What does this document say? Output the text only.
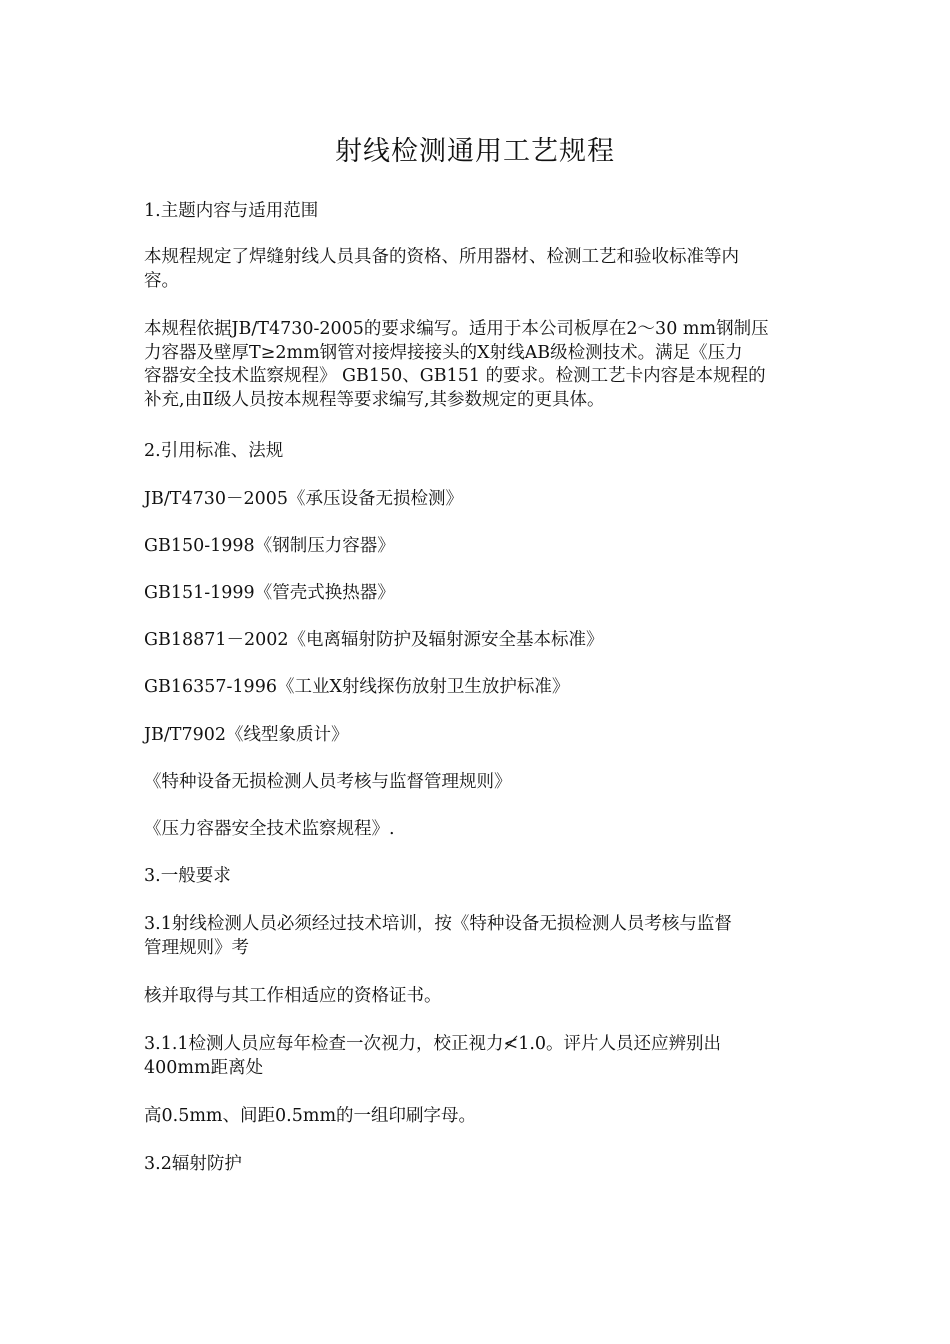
射线检测通用工艺规程

1.主题内容与适用范围

本规程规定了焊缝射线人员具备的资格、所用器材、检测工艺和验收标准等内
容。

本规程依据JB/T4730-2005的要求编写。适用于本公司板厚在2～30 mm钢制压
力容器及壁厚T≥2mm钢管对接焊接接头的X射线AB级检测技术。满足《压力
容器安全技术监察规程》 GB150、GB151 的要求。检测工艺卡内容是本规程的
补充,由Ⅱ级人员按本规程等要求编写,其参数规定的更具体。

2.引用标准、法规

JB/T4730－2005《承压设备无损检测》

GB150-1998《钢制压力容器》

GB151-1999《管壳式换热器》

GB18871－2002《电离辐射防护及辐射源安全基本标准》

GB16357-1996《工业X射线探伤放射卫生放护标准》

JB/T7902《线型象质计》

《特种设备无损检测人员考核与监督管理规则》

《压力容器安全技术监察规程》.

3.一般要求

3.1射线检测人员必须经过技术培训，按《特种设备无损检测人员考核与监督
管理规则》考

核并取得与其工作相适应的资格证书。

3.1.1检测人员应每年检查一次视力，校正视力≮1.0。评片人员还应辨别出
400mm距离处

高0.5mm、间距0.5mm的一组印刷字母。

3.2辐射防护
